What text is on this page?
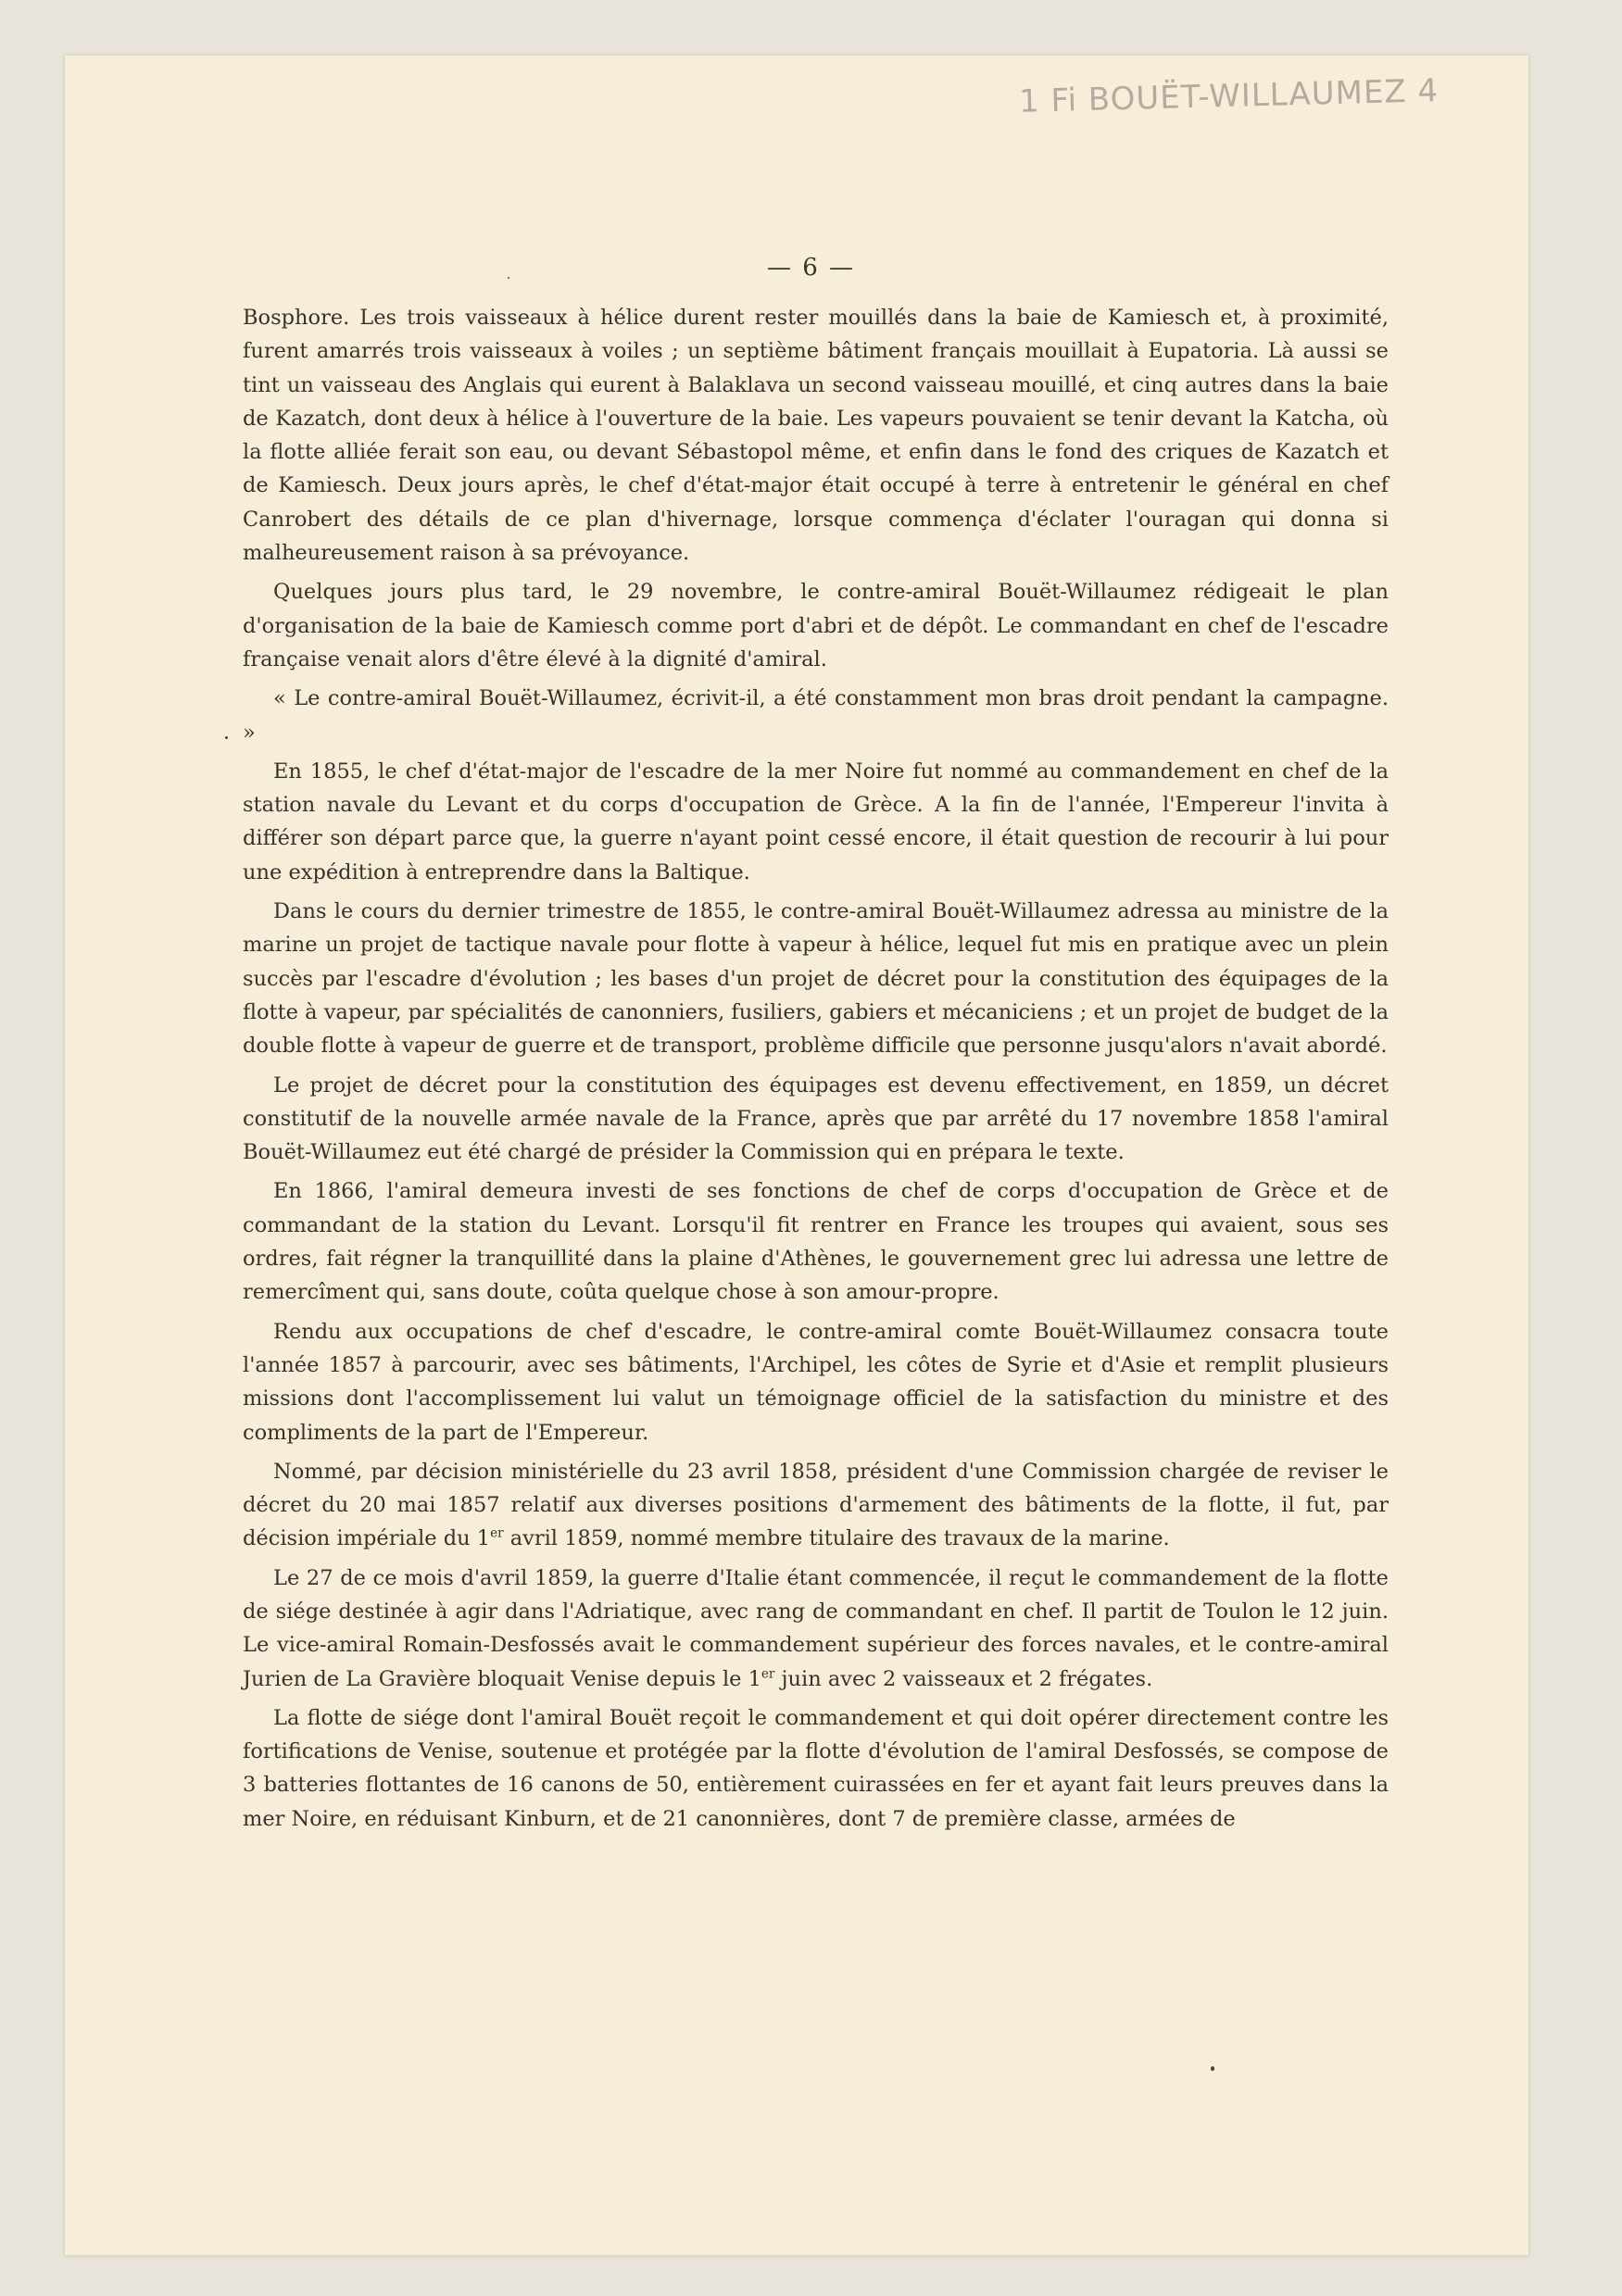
1 Fi BOUËT-WILLAUMEZ 4
— 6 —

Bosphore. Les trois vaisseaux à hélice durent rester mouillés dans la baie de Kamiesch et, à proximité, furent amarrés trois vaisseaux à voiles ; un septième bâtiment français mouillait à Eupatoria. Là aussi se tint un vaisseau des Anglais qui eurent à Balaklava un second vaisseau mouillé, et cinq autres dans la baie de Kazatch, dont deux à hélice à l'ouverture de la baie. Les vapeurs pouvaient se tenir devant la Katcha, où la flotte alliée ferait son eau, ou devant Sébastopol même, et enfin dans le fond des criques de Kazatch et de Kamiesch. Deux jours après, le chef d'état-major était occupé à terre à entretenir le général en chef Canrobert des détails de ce plan d'hivernage, lorsque commença d'éclater l'ouragan qui donna si malheureusement raison à sa prévoyance.

Quelques jours plus tard, le 29 novembre, le contre-amiral Bouët-Willaumez rédigeait le plan d'organisation de la baie de Kamiesch comme port d'abri et de dépôt. Le commandant en chef de l'escadre française venait alors d'être élevé à la dignité d'amiral.

« Le contre-amiral Bouët-Willaumez, écrivit-il, a été constamment mon bras droit pendant la campagne. »

En 1855, le chef d'état-major de l'escadre de la mer Noire fut nommé au commandement en chef de la station navale du Levant et du corps d'occupation de Grèce. A la fin de l'année, l'Empereur l'invita à différer son départ parce que, la guerre n'ayant point cessé encore, il était question de recourir à lui pour une expédition à entreprendre dans la Baltique.

Dans le cours du dernier trimestre de 1855, le contre-amiral Bouët-Willaumez adressa au ministre de la marine un projet de tactique navale pour flotte à vapeur à hélice, lequel fut mis en pratique avec un plein succès par l'escadre d'évolution ; les bases d'un projet de décret pour la constitution des équipages de la flotte à vapeur, par spécialités de canonniers, fusiliers, gabiers et mécaniciens ; et un projet de budget de la double flotte à vapeur de guerre et de transport, problème difficile que personne jusqu'alors n'avait abordé.

Le projet de décret pour la constitution des équipages est devenu effectivement, en 1859, un décret constitutif de la nouvelle armée navale de la France, après que par arrêté du 17 novembre 1858 l'amiral Bouët-Willaumez eut été chargé de présider la Commission qui en prépara le texte.

En 1866, l'amiral demeura investi de ses fonctions de chef de corps d'occupation de Grèce et de commandant de la station du Levant. Lorsqu'il fit rentrer en France les troupes qui avaient, sous ses ordres, fait régner la tranquillité dans la plaine d'Athènes, le gouvernement grec lui adressa une lettre de remercîment qui, sans doute, coûta quelque chose à son amour-propre.

Rendu aux occupations de chef d'escadre, le contre-amiral comte Bouët-Willaumez consacra toute l'année 1857 à parcourir, avec ses bâtiments, l'Archipel, les côtes de Syrie et d'Asie et remplit plusieurs missions dont l'accomplissement lui valut un témoignage officiel de la satisfaction du ministre et des compliments de la part de l'Empereur.

Nommé, par décision ministérielle du 23 avril 1858, président d'une Commission chargée de reviser le décret du 20 mai 1857 relatif aux diverses positions d'armement des bâtiments de la flotte, il fut, par décision impériale du 1er avril 1859, nommé membre titulaire des travaux de la marine.

Le 27 de ce mois d'avril 1859, la guerre d'Italie étant commencée, il reçut le commandement de la flotte de siége destinée à agir dans l'Adriatique, avec rang de commandant en chef. Il partit de Toulon le 12 juin. Le vice-amiral Romain-Desfossés avait le commandement supérieur des forces navales, et le contre-amiral Jurien de La Gravière bloquait Venise depuis le 1er juin avec 2 vaisseaux et 2 frégates.

La flotte de siége dont l'amiral Bouët reçoit le commandement et qui doit opérer directement contre les fortifications de Venise, soutenue et protégée par la flotte d'évolution de l'amiral Desfossés, se compose de 3 batteries flottantes de 16 canons de 50, entièrement cuirassées en fer et ayant fait leurs preuves dans la mer Noire, en réduisant Kinburn, et de 21 canonnières, dont 7 de première classe, armées de
